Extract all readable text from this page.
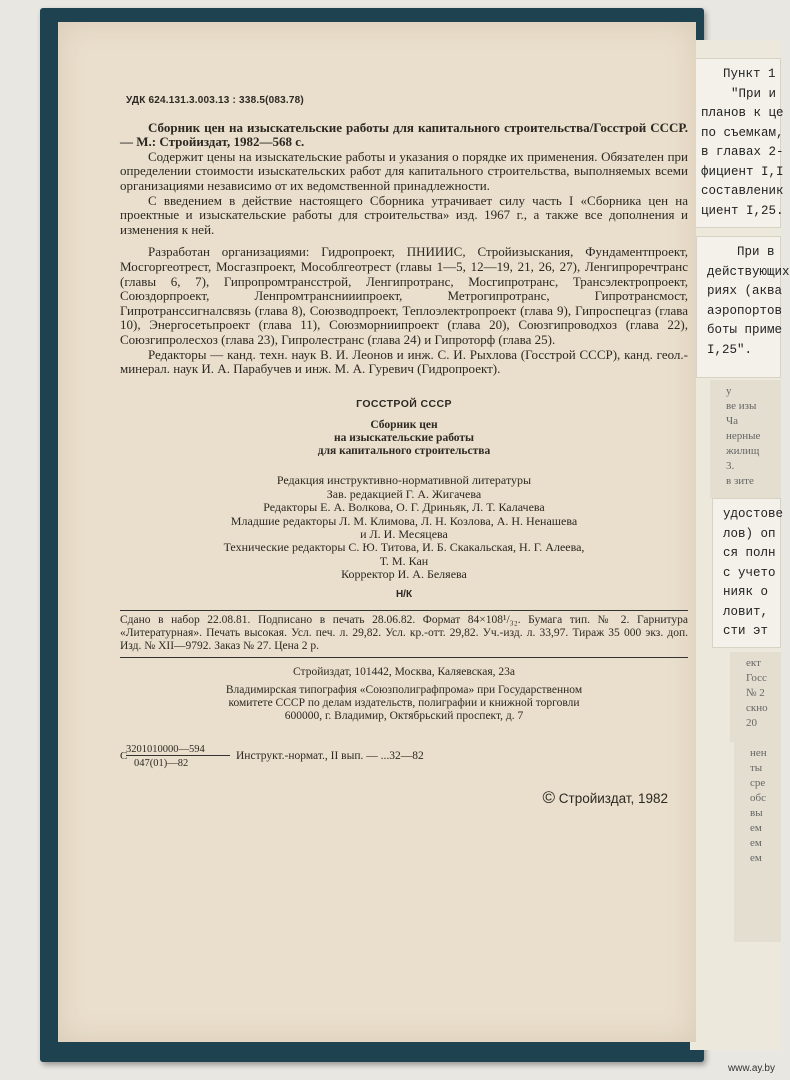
Пункт 1
"При и
планов к це
по съемкам,
в главах 2-
фициент I,I
составленик
циент I,25.
При в
действующих
риях (аква
аэропортов
боты приме
I,25".
у
ве изы
Ча
нерные
жилищ
3.
в зите
удостове
лов) оп
ся полн
с учето
нияк о
ловит,
сти эт
ект
Госс
№ 2
скно
20
нен
ты
сре
обс
вы
ем
ем
ем
УДК 624.131.3.003.13 : 338.5(083.78)

Сборник цен на изыскательские работы для капитального строительства/Госстрой СССР. — М.: Стройиздат, 1982—568 с.

Содержит цены на изыскательские работы и указания о порядке их применения. Обязателен при определении стоимости изыскательских работ для капитального строительства, выполняемых всеми организациями независимо от их ведомственной принадлежности.

С введением в действие настоящего Сборника утрачивает силу часть I «Сборника цен на проектные и изыскательские работы для строительства» изд. 1967 г., а также все дополнения и изменения к ней.

Разработан организациями: Гидропроект, ПНИИИС, Стройизыскания, Фундаментпроект, Мосгоргеотрест, Мосгазпроект, Мособлгеотрест (главы 1—5, 12—19, 21, 26, 27), Ленгипроречтранс (главы 6, 7), Гипропромтрансстрой, Ленгипротранс, Мосгипротранс, Трансэлектропроект, Союздорпроект, Ленпромтранснииипроект, Метрогипротранс, Гипротрансмост, Гипротранссигналсвязь (глава 8), Союзводпроект, Теплоэлектропроект (глава 9), Гипроспецгаз (глава 10), Энергосетьпроект (глава 11), Союзморниипроект (глава 20), Союзгипроводхоз (глава 22), Союзгипролесхоз (глава 23), Гипролестранс (глава 24) и Гипроторф (глава 25).

Редакторы — канд. техн. наук В. И. Леонов и инж. С. И. Рыхлова (Госстрой СССР), канд. геол.-минерал. наук И. А. Парабучев и инж. М. А. Гуревич (Гидропроект).

ГОССТРОЙ СССР
Сборник цен
на изыскательские работы
для капитального строительства
Редакция инструктивно-нормативной литературы
Зав. редакцией Г. А. Жигачева
Редакторы Е. А. Волкова, О. Г. Дриньяк, Л. Т. Калачева
Младшие редакторы Л. М. Климова, Л. Н. Козлова, А. Н. Ненашева
и Л. И. Месяцева
Технические редакторы С. Ю. Титова, И. Б. Скакальская, Н. Г. Алеева,
Т. М. Кан
Корректор И. А. Беляева
Н/К
Сдано в набор 22.08.81. Подписано в печать 28.06.82. Формат 84×108¹/₃₂. Бумага тип. № 2. Гарнитура «Литературная». Печать высокая. Усл. печ. л. 29,82. Усл. кр.-отт. 29,82. Уч.-изд. л. 33,97. Тираж 35 000 экз. доп. Изд. № XII—9792. Заказ № 27. Цена 2 р.
Стройиздат, 101442, Москва, Каляевская, 23а
Владимирская типография «Союзполиграфпрома» при Государственном
комитете СССР по делам издательств, полиграфии и книжной торговли
600000, г. Владимир, Октябрьский проспект, д. 7
С
3201010000—594
047(01)—82
Инструкт.-нормат., II вып. — ...32—82
© Стройиздат, 1982
www.ay.by
